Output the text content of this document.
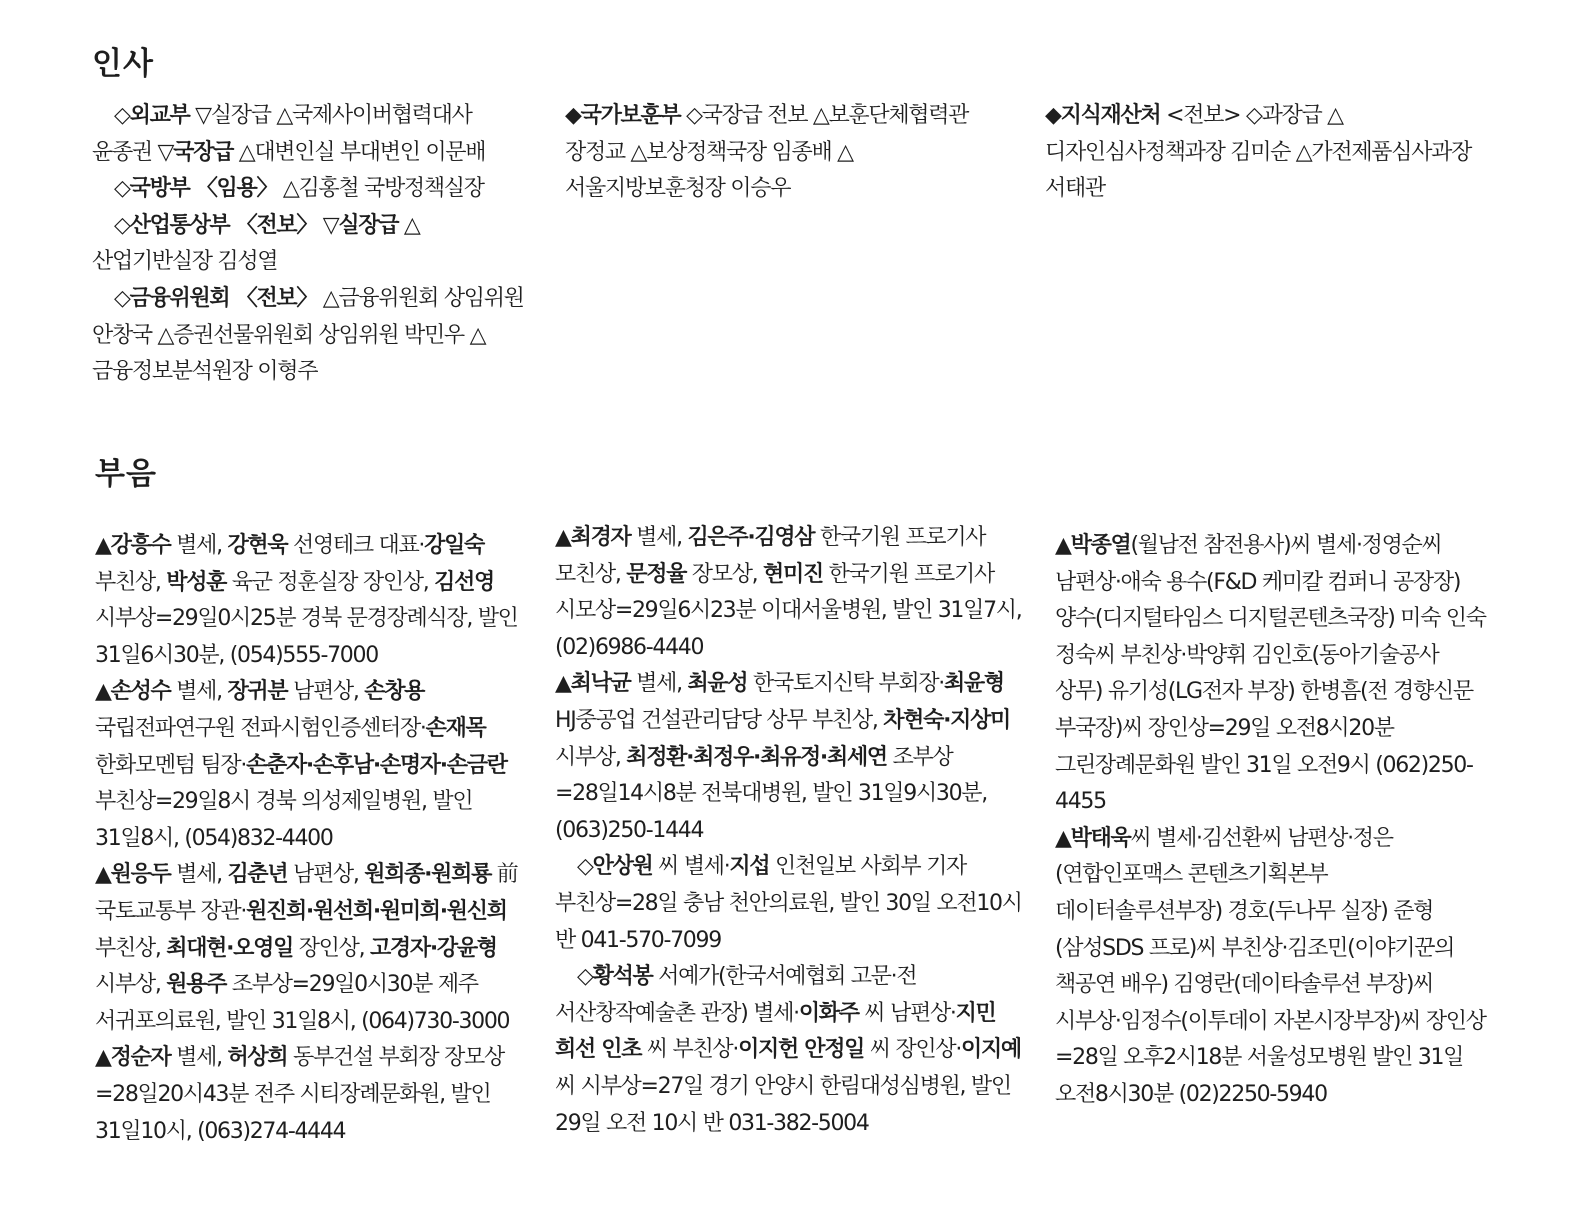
인사

◇외교부 ▽실장급 △국제사이버협력대사 윤종권 ▽국장급 △대변인실 부대변인 이문배

◇국방부 〈임용〉 △김홍철 국방정책실장

◇산업통상부 〈전보〉 ▽실장급 △산업기반실장 김성열

◇금융위원회 〈전보〉 △금융위원회 상임위원 안창국 △증권선물위원회 상임위원 박민우 △금융정보분석원장 이형주

◆국가보훈부 ◇국장급 전보 △보훈단체협력관 장정교 △보상정책국장 임종배 △서울지방보훈청장 이승우

◆지식재산처 <전보> ◇과장급 △디자인심사정책과장 김미순 △가전제품심사과장 서태관

부음

▲강흥수 별세, 강현욱 선영테크 대표·강일숙 부친상, 박성훈 육군 정훈실장 장인상, 김선영 시부상=29일0시25분 경북 문경장례식장, 발인 31일6시30분, (054)555-7000

▲손성수 별세, 장귀분 남편상, 손창용 국립전파연구원 전파시험인증센터장·손재목 한화모멘텀 팀장·손춘자·손후남·손명자·손금란 부친상=29일8시 경북 의성제일병원, 발인 31일8시, (054)832-4400

▲원응두 별세, 김춘년 남편상, 원희종·원희룡 前 국토교통부 장관·원진희·원선희·원미희·원신희 부친상, 최대현·오영일 장인상, 고경자·강윤형 시부상, 원용주 조부상=29일0시30분 제주 서귀포의료원, 발인 31일8시, (064)730-3000

▲정순자 별세, 허상희 동부건설 부회장 장모상=28일20시43분 전주 시티장례문화원, 발인 31일10시, (063)274-4444

▲최경자 별세, 김은주·김영삼 한국기원 프로기사 모친상, 문정율 장모상, 현미진 한국기원 프로기사 시모상=29일6시23분 이대서울병원, 발인 31일7시, (02)6986-4440

▲최낙균 별세, 최윤성 한국토지신탁 부회장·최윤형 HJ중공업 건설관리담당 상무 부친상, 차현숙·지상미 시부상, 최정환·최정우·최유정·최세연 조부상=28일14시8분 전북대병원, 발인 31일9시30분, (063)250-1444

◇안상원 씨 별세·지섭 인천일보 사회부 기자 부친상=28일 충남 천안의료원, 발인 30일 오전10시 반 041-570-7099

◇황석봉 서예가(한국서예협회 고문·전 서산창작예술촌 관장) 별세·이화주 씨 남편상·지민 희선 인초 씨 부친상·이지헌 안정일 씨 장인상·이지예 씨 시부상=27일 경기 안양시 한림대성심병원, 발인 29일 오전 10시 반 031-382-5004

▲박종열(월남전 참전용사)씨 별세·정영순씨 남편상·애숙 용수(F&D 케미칼 컴퍼니 공장장) 양수(디지털타임스 디지털콘텐츠국장) 미숙 인숙 정숙씨 부친상·박양휘 김인호(동아기술공사 상무) 유기성(LG전자 부장) 한병흠(전 경향신문 부국장)씨 장인상=29일 오전8시20분 그린장례문화원 발인 31일 오전9시 (062)250-4455

▲박태욱씨 별세·김선환씨 남편상·정은(연합인포맥스 콘텐츠기획본부 데이터솔루션부장) 경호(두나무 실장) 준형(삼성SDS 프로)씨 부친상·김조민(이야기꾼의 책공연 배우) 김영란(데이타솔루션 부장)씨 시부상·임정수(이투데이 자본시장부장)씨 장인상=28일 오후2시18분 서울성모병원 발인 31일 오전8시30분 (02)2250-5940
